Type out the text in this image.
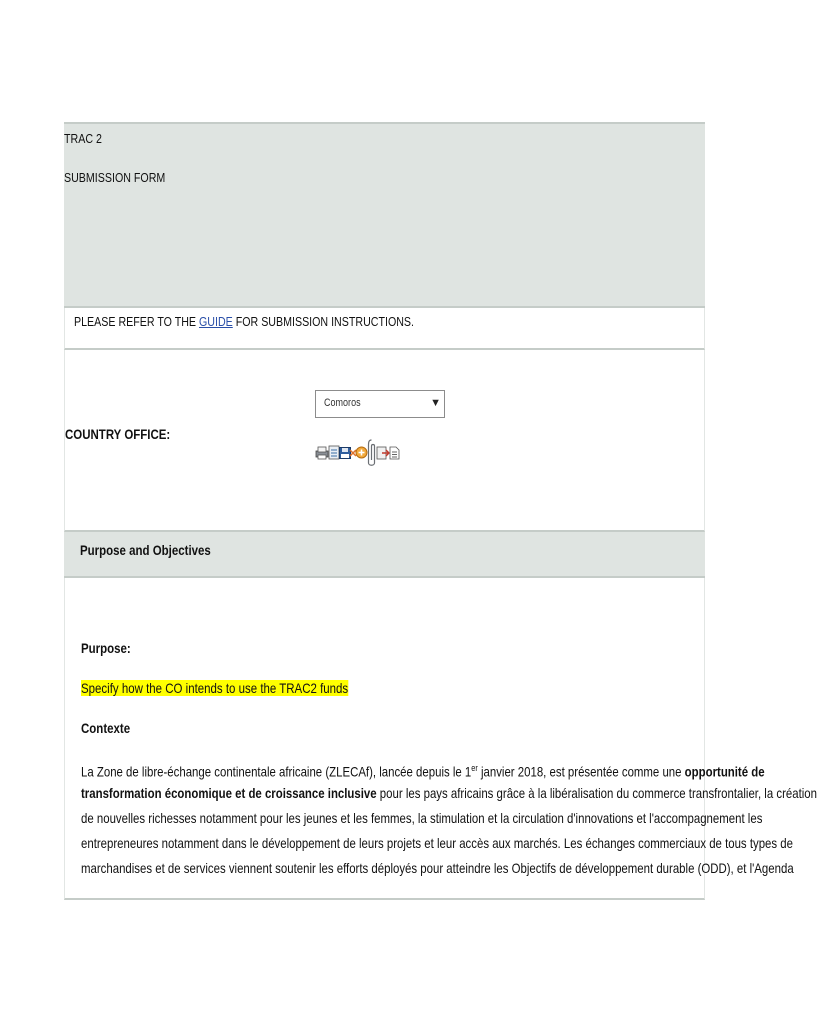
TRAC 2
SUBMISSION FORM
PLEASE REFER TO THE GUIDE FOR SUBMISSION INSTRUCTIONS.
COUNTRY OFFICE:
Comoros	▼
Purpose and Objectives
Purpose:
Specify how the CO intends to use the TRAC2 funds
Contexte
La Zone de libre-échange continentale africaine (ZLECAf), lancée depuis le 1er janvier 2018, est présentée comme une opportunité de
transformation économique et de croissance inclusive pour les pays africains grâce à la libéralisation du commerce transfrontalier, la création
de nouvelles richesses notamment pour les jeunes et les femmes, la stimulation et la circulation d'innovations et l'accompagnement les
entrepreneures notamment dans le développement de leurs projets et leur accès aux marchés. Les échanges commerciaux de tous types de
marchandises et de services viennent soutenir les efforts déployés pour atteindre les Objectifs de développement durable (ODD), et l'Agenda
